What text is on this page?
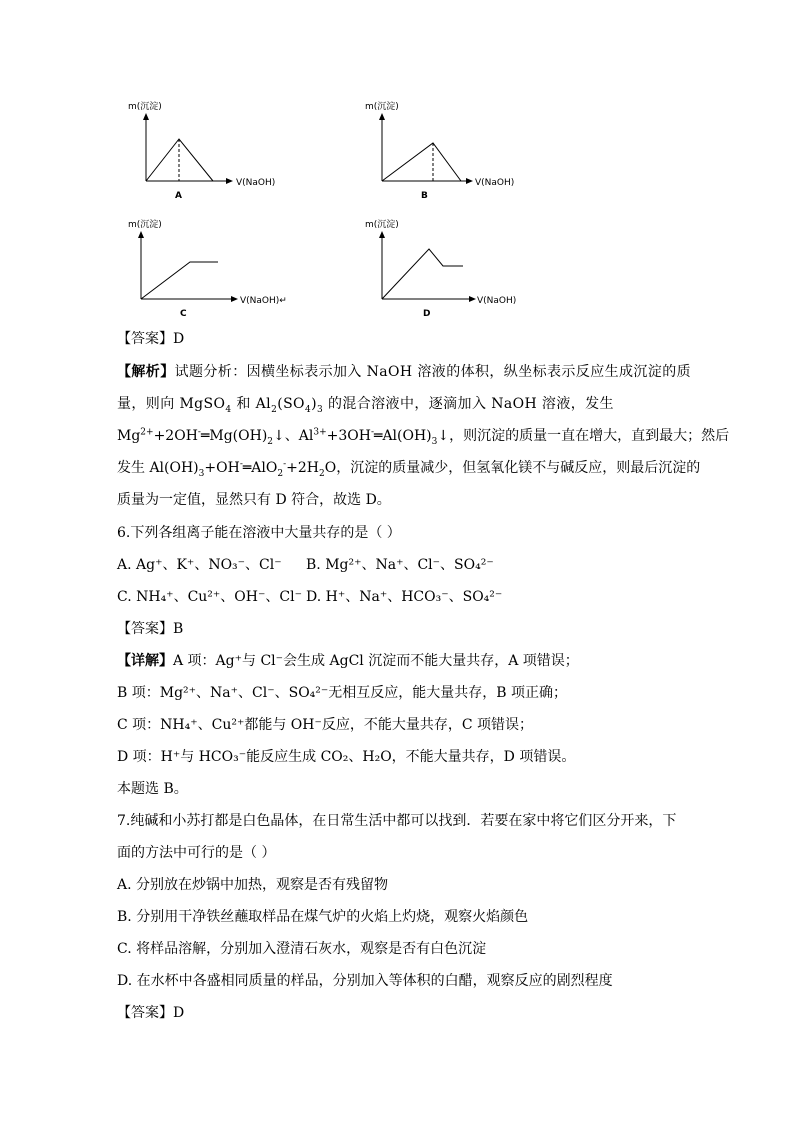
m(沉淀)
V(NaOH)
A
m(沉淀)
V(NaOH)
B
m(沉淀)
V(NaOH)↵
C
m(沉淀)
V(NaOH)
D
【答案】D
【解析】试题分析：因横坐标表示加入 NaOH 溶液的体积，纵坐标表示反应生成沉淀的质
量，则向 MgSO$_4$ 和 $Al_2(SO_4)_3$ 的混合溶液中，逐滴加入 NaOH 溶液，发生
$Mg^{2+}+2OH^-═Mg(OH)_2↓$、$Al^{3+}+3OH^-═Al(OH)_3↓$，则沉淀的质量一直在增大，直到最大；然后
发生 $Al(OH)_3+OH^-═AlO_2^-+2H_2O$，沉淀的质量减少，但氢氧化镁不与碱反应，则最后沉淀的
质量为一定值，显然只有 D 符合，故选 D。
6.下列各组离子能在溶液中大量共存的是（ ）
A. Ag⁺、K⁺、NO₃⁻、Cl⁻ B. Mg²⁺、Na⁺、Cl⁻、SO₄²⁻
C. NH₄⁺、Cu²⁺、OH⁻、Cl⁻ D. H⁺、Na⁺、HCO₃⁻、SO₄²⁻
【答案】B
【详解】A 项：Ag⁺与 Cl⁻会生成 AgCl 沉淀而不能大量共存，A 项错误；
B 项：Mg²⁺、Na⁺、Cl⁻、SO₄²⁻无相互反应，能大量共存，B 项正确；
C 项：NH₄⁺、Cu²⁺都能与 OH⁻反应，不能大量共存，C 项错误；
D 项：H⁺与 HCO₃⁻能反应生成 CO₂、H₂O，不能大量共存，D 项错误。
本题选 B。
7.纯碱和小苏打都是白色晶体，在日常生活中都可以找到．若要在家中将它们区分开来，下
面的方法中可行的是（ ）
A. 分别放在炒锅中加热，观察是否有残留物
B. 分别用干净铁丝蘸取样品在煤气炉的火焰上灼烧，观察火焰颜色
C. 将样品溶解，分别加入澄清石灰水，观察是否有白色沉淀
D. 在水杯中各盛相同质量的样品，分别加入等体积的白醋，观察反应的剧烈程度
【答案】D
